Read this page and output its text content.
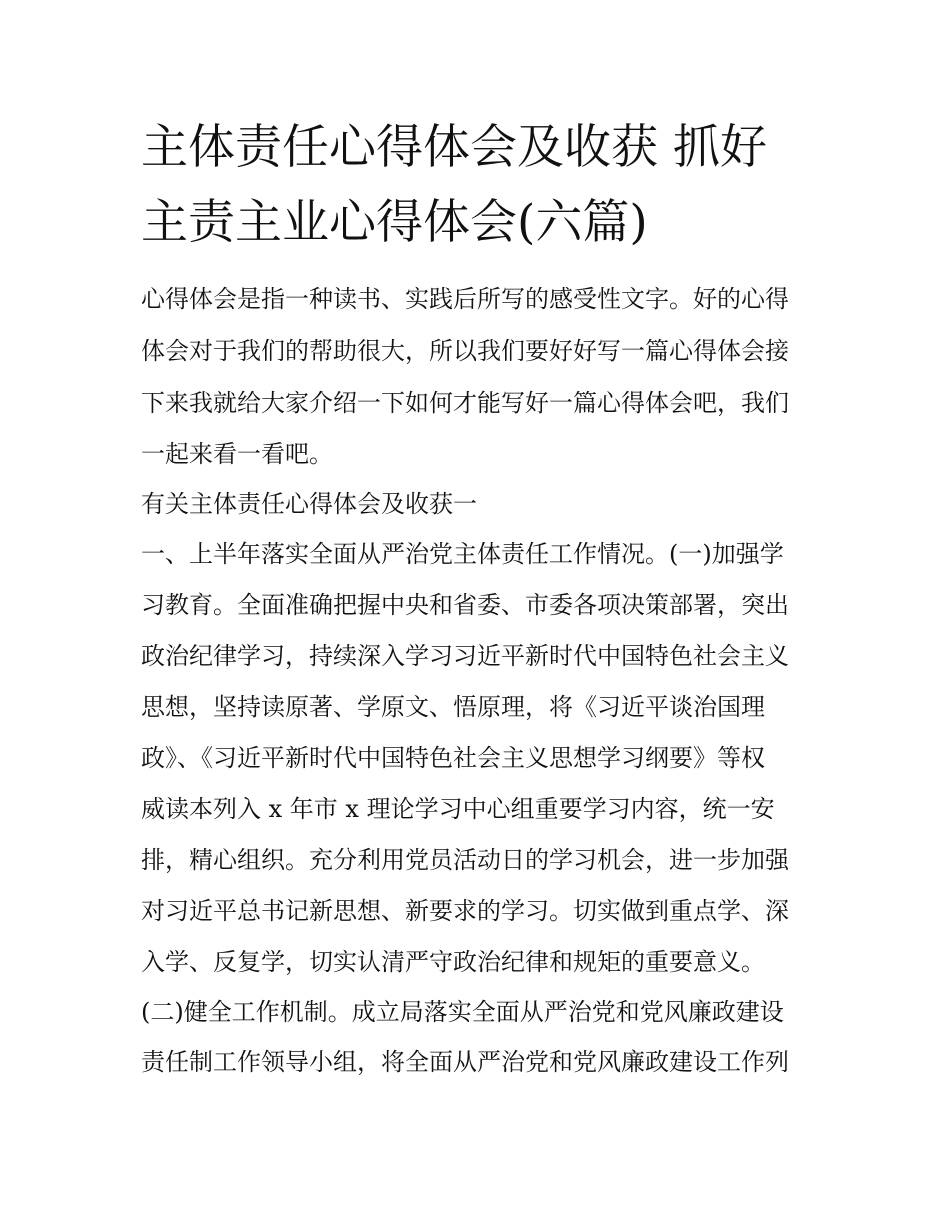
主体责任心得体会及收获 抓好
主责主业心得体会(六篇)
心得体会是指一种读书、实践后所写的感受性文字。好的心得
体会对于我们的帮助很大，所以我们要好好写一篇心得体会接
下来我就给大家介绍一下如何才能写好一篇心得体会吧，我们
一起来看一看吧。
有关主体责任心得体会及收获一
一、上半年落实全面从严治党主体责任工作情况。(一)加强学
习教育。全面准确把握中央和省委、市委各项决策部署，突出
政治纪律学习，持续深入学习习近平新时代中国特色社会主义
思想，坚持读原著、学原文、悟原理，将《习近平谈治国理
政》、《习近平新时代中国特色社会主义思想学习纲要》等权
威读本列入 x 年市 x 理论学习中心组重要学习内容，统一安
排，精心组织。充分利用党员活动日的学习机会，进一步加强
对习近平总书记新思想、新要求的学习。切实做到重点学、深
入学、反复学，切实认清严守政治纪律和规矩的重要意义。
(二)健全工作机制。成立局落实全面从严治党和党风廉政建设
责任制工作领导小组，将全面从严治党和党风廉政建设工作列
